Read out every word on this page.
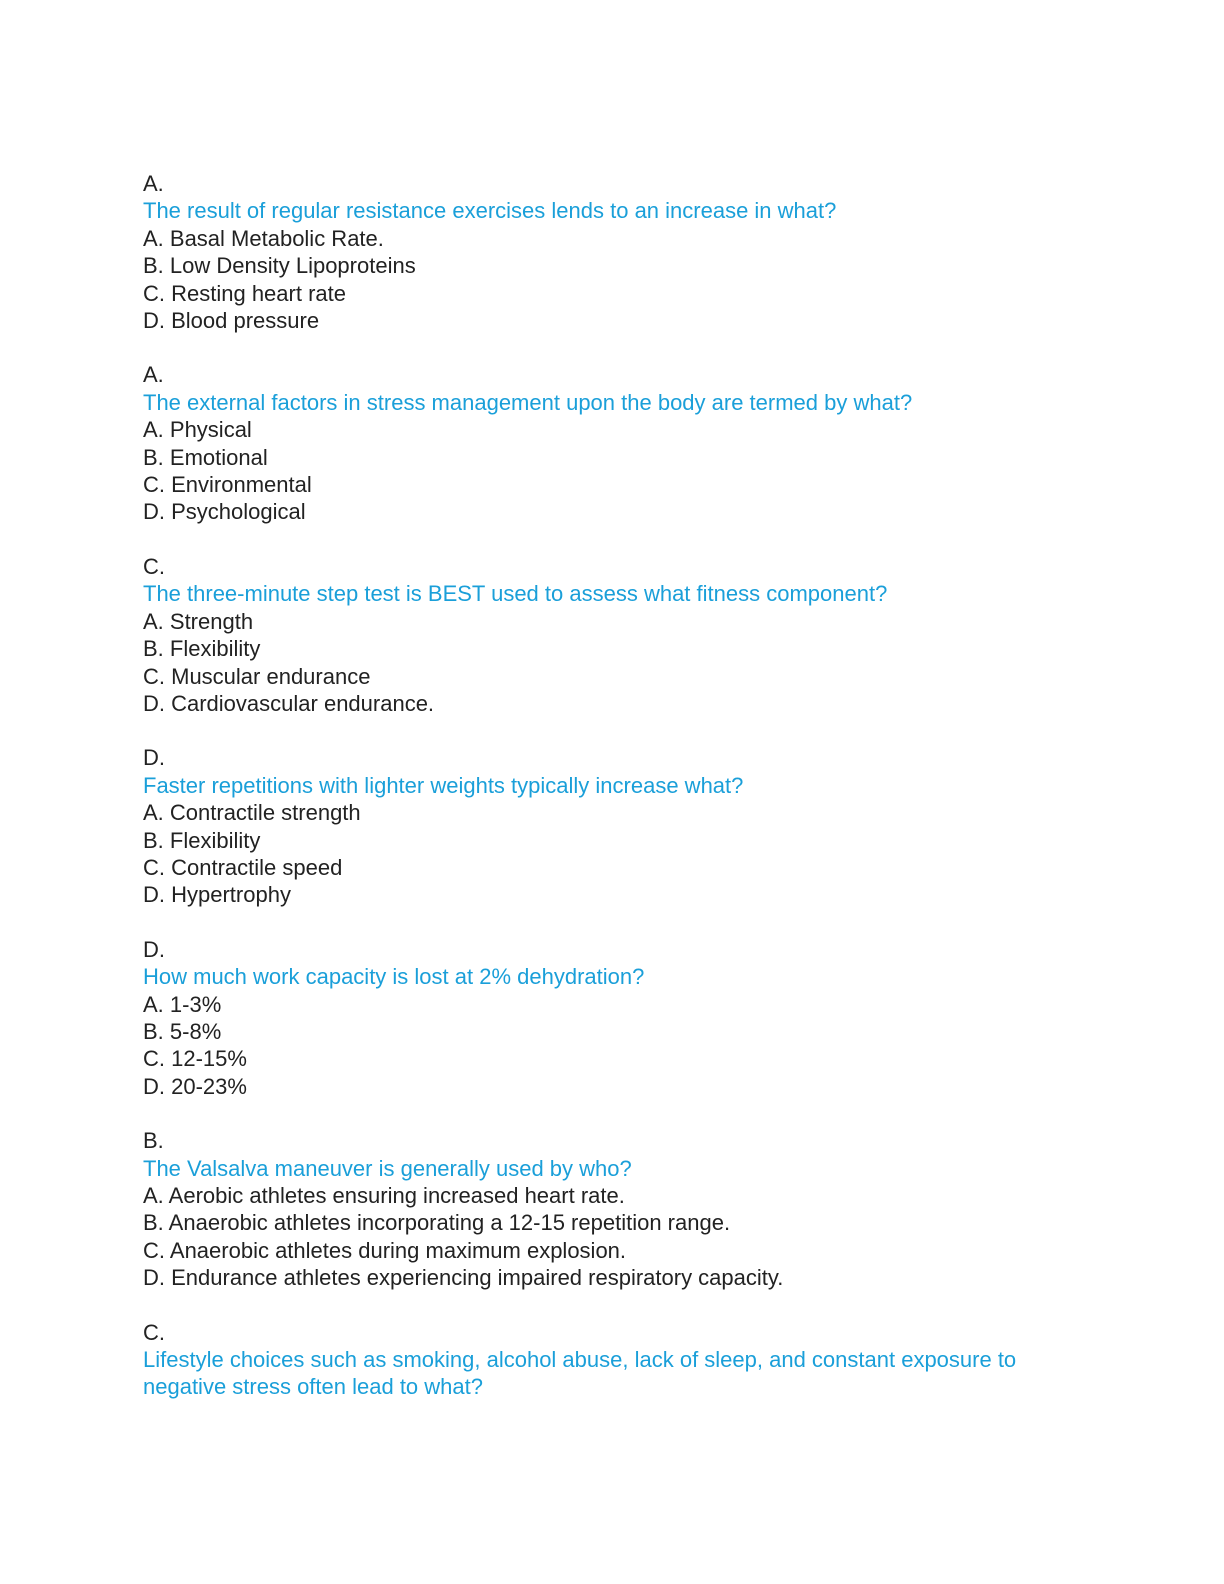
A.
The result of regular resistance exercises lends to an increase in what?
A. Basal Metabolic Rate.
B. Low Density Lipoproteins
C. Resting heart rate
D. Blood pressure
A.
The external factors in stress management upon the body are termed by what?
A. Physical
B. Emotional
C. Environmental
D. Psychological
C.
The three-minute step test is BEST used to assess what fitness component?
A. Strength
B. Flexibility
C. Muscular endurance
D. Cardiovascular endurance.
D.
Faster repetitions with lighter weights typically increase what?
A. Contractile strength
B. Flexibility
C. Contractile speed
D. Hypertrophy
D.
How much work capacity is lost at 2% dehydration?
A. 1-3%
B. 5-8%
C. 12-15%
D. 20-23%
B.
The Valsalva maneuver is generally used by who?
A. Aerobic athletes ensuring increased heart rate.
B. Anaerobic athletes incorporating a 12-15 repetition range.
C. Anaerobic athletes during maximum explosion.
D. Endurance athletes experiencing impaired respiratory capacity.
C.
Lifestyle choices such as smoking, alcohol abuse, lack of sleep, and constant exposure to negative stress often lead to what?
